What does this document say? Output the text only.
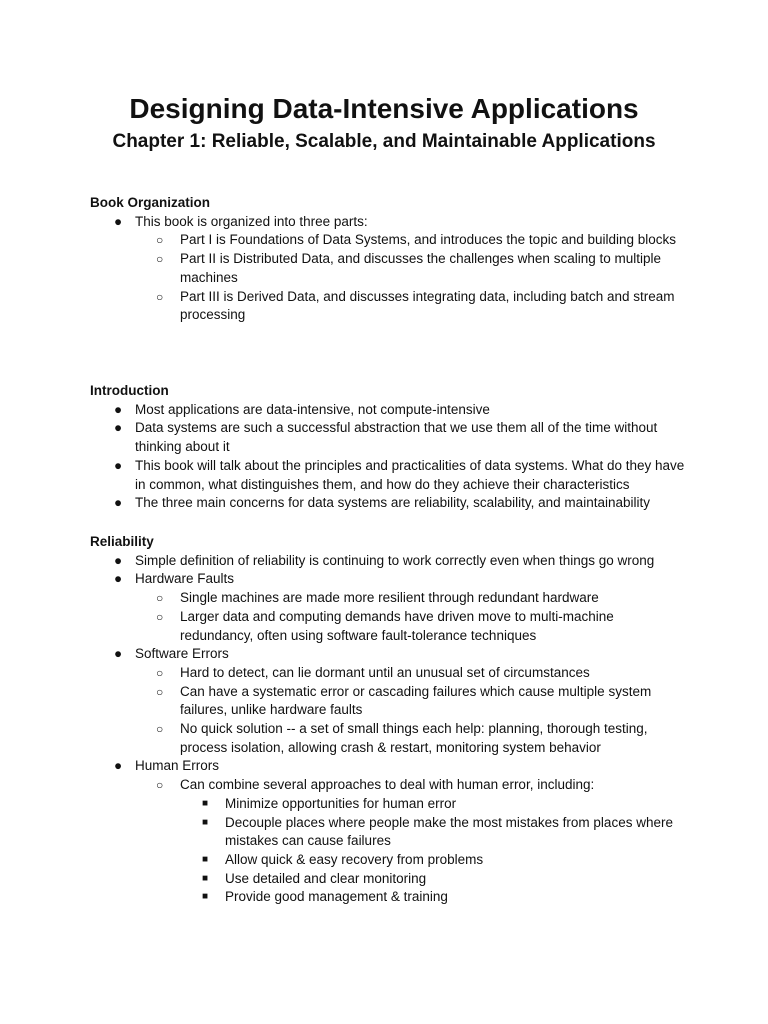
Designing Data-Intensive Applications
Chapter 1: Reliable, Scalable, and Maintainable Applications
Book Organization
● This book is organized into three parts:
○	Part I is Foundations of Data Systems, and introduces the topic and building blocks
○	Part II is Distributed Data, and discusses the challenges when scaling to multiple machines
○	Part III is Derived Data, and discusses integrating data, including batch and stream processing
Introduction
● Most applications are data-intensive, not compute-intensive
● Data systems are such a successful abstraction that we use them all of the time without thinking about it
● This book will talk about the principles and practicalities of data systems. What do they have in common, what distinguishes them, and how do they achieve their characteristics
● The three main concerns for data systems are reliability, scalability, and maintainability
Reliability
● Simple definition of reliability is continuing to work correctly even when things go wrong
● Hardware Faults
○	Single machines are made more resilient through redundant hardware
○	Larger data and computing demands have driven move to multi-machine redundancy, often using software fault-tolerance techniques
● Software Errors
○	Hard to detect, can lie dormant until an unusual set of circumstances
○	Can have a systematic error or cascading failures which cause multiple system failures, unlike hardware faults
○	No quick solution -- a set of small things each help: planning, thorough testing, process isolation, allowing crash & restart, monitoring system behavior
● Human Errors
○	Can combine several approaches to deal with human error, including:
■	Minimize opportunities for human error
■	Decouple places where people make the most mistakes from places where mistakes can cause failures
■	Allow quick & easy recovery from problems
■	Use detailed and clear monitoring
■	Provide good management & training
